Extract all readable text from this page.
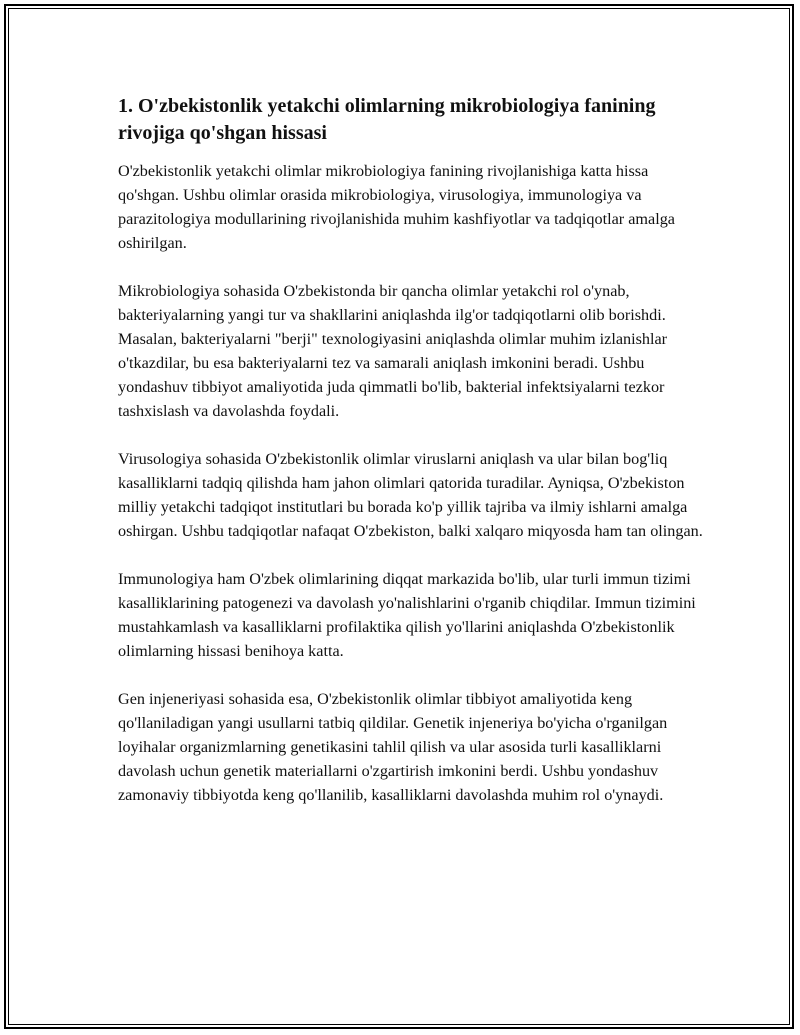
1. O'zbekistonlik yetakchi olimlarning mikrobiologiya fanining rivojiga qo'shgan hissasi

O'zbekistonlik yetakchi olimlar mikrobiologiya fanining rivojlanishiga katta hissa qo'shgan. Ushbu olimlar orasida mikrobiologiya, virusologiya, immunologiya va parazitologiya modullarining rivojlanishida muhim kashfiyotlar va tadqiqotlar amalga oshirilgan.

Mikrobiologiya sohasida O'zbekistonda bir qancha olimlar yetakchi rol o'ynab, bakteriyalarning yangi tur va shakllarini aniqlashda ilg'or tadqiqotlarni olib borishdi. Masalan, bakteriyalarni "berji" texnologiyasini aniqlashda olimlar muhim izlanishlar o'tkazdilar, bu esa bakteriyalarni tez va samarali aniqlash imkonini beradi. Ushbu yondashuv tibbiyot amaliyotida juda qimmatli bo'lib, bakterial infektsiyalarni tezkor tashxislash va davolashda foydali.

Virusologiya sohasida O'zbekistonlik olimlar viruslarni aniqlash va ular bilan bog'liq kasalliklarni tadqiq qilishda ham jahon olimlari qatorida turadilar. Ayniqsa, O'zbekiston milliy yetakchi tadqiqot institutlari bu borada ko'p yillik tajriba va ilmiy ishlarni amalga oshirgan. Ushbu tadqiqotlar nafaqat O'zbekiston, balki xalqaro miqyosda ham tan olingan.

Immunologiya ham O'zbek olimlarining diqqat markazida bo'lib, ular turli immun tizimi kasalliklarining patogenezi va davolash yo'nalishlarini o'rganib chiqdilar. Immun tizimini mustahkamlash va kasalliklarni profilaktika qilish yo'llarini aniqlashda O'zbekistonlik olimlarning hissasi benihoya katta.

Gen injeneriyasi sohasida esa, O'zbekistonlik olimlar tibbiyot amaliyotida keng qo'llaniladigan yangi usullarni tatbiq qildilar. Genetik injeneriya bo'yicha o'rganilgan loyihalar organizmlarning genetikasini tahlil qilish va ular asosida turli kasalliklarni davolash uchun genetik materiallarni o'zgartirish imkonini berdi. Ushbu yondashuv zamonaviy tibbiyotda keng qo'llanilib, kasalliklarni davolashda muhim rol o'ynaydi.
